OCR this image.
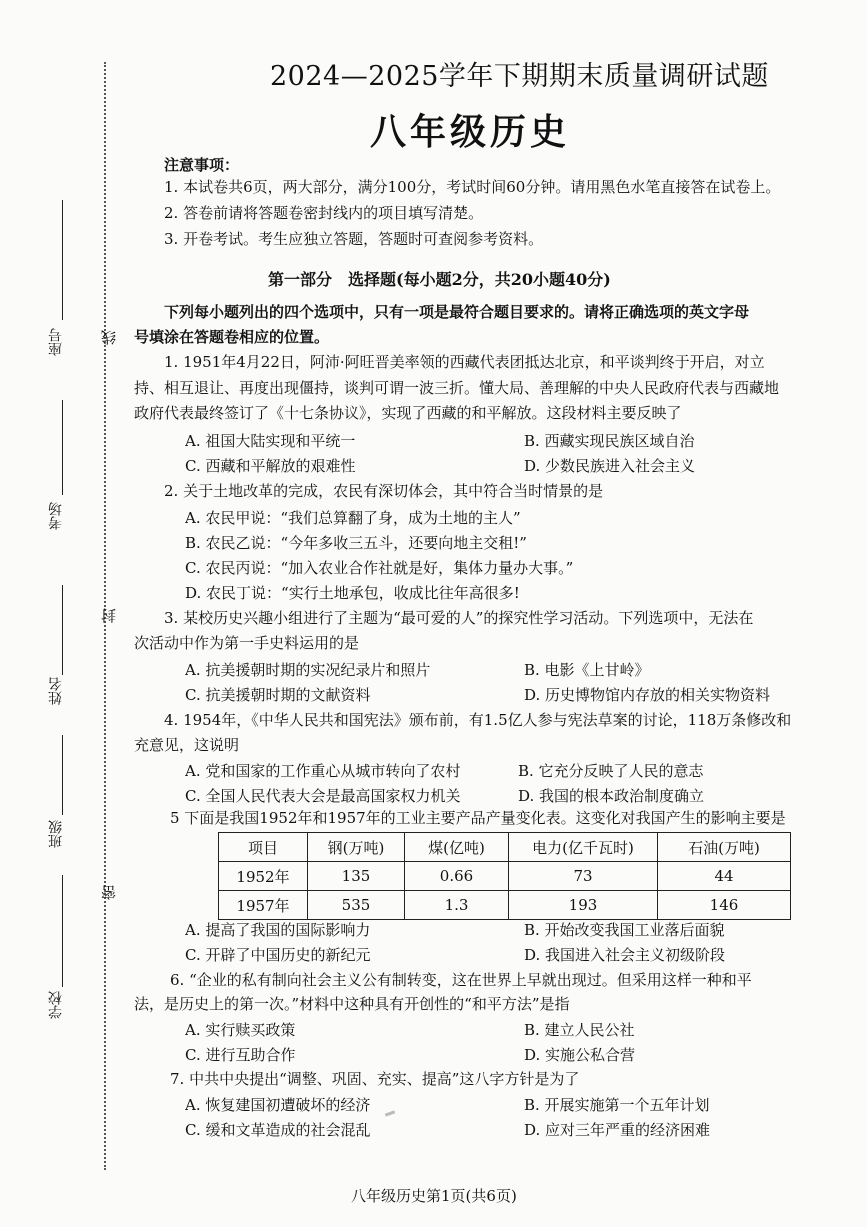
线
封
密
座号
考场
姓名
班级
学校
2024—2025学年下期期末质量调研试题
八年级历史
注意事项：
1. 本试卷共6页，两大部分，满分100分，考试时间60分钟。请用黑色水笔直接答在试卷上。
2. 答卷前请将答题卷密封线内的项目填写清楚。
3. 开卷考试。考生应独立答题，答题时可查阅参考资料。
第一部分　选择题(每小题2分，共20小题40分)
下列每小题列出的四个选项中，只有一项是最符合题目要求的。请将正确选项的英文字母
号填涂在答题卷相应的位置。
1. 1951年4月22日，阿沛·阿旺晋美率领的西藏代表团抵达北京，和平谈判终于开启，对立
持、相互退让、再度出现僵持，谈判可谓一波三折。懂大局、善理解的中央人民政府代表与西藏地
政府代表最终签订了《十七条协议》，实现了西藏的和平解放。这段材料主要反映了
A. 祖国大陆实现和平统一	B. 西藏实现民族区域自治
C. 西藏和平解放的艰难性	D. 少数民族进入社会主义
2. 关于土地改革的完成，农民有深切体会，其中符合当时情景的是
A. 农民甲说：“我们总算翻了身，成为土地的主人”
B. 农民乙说：“今年多收三五斗，还要向地主交租!”
C. 农民丙说：“加入农业合作社就是好，集体力量办大事。”
D. 农民丁说：“实行土地承包，收成比往年高很多!
3. 某校历史兴趣小组进行了主题为“最可爱的人”的探究性学习活动。下列选项中，无法在
次活动中作为第一手史料运用的是
A. 抗美援朝时期的实况纪录片和照片	B. 电影《上甘岭》
C. 抗美援朝时期的文献资料	D. 历史博物馆内存放的相关实物资料
4. 1954年，《中华人民共和国宪法》颁布前，有1.5亿人参与宪法草案的讨论，118万条修改和
充意见，这说明
A. 党和国家的工作重心从城市转向了农村	B. 它充分反映了人民的意志
C. 全国人民代表大会是最高国家权力机关	D. 我国的根本政治制度确立
5 下面是我国1952年和1957年的工业主要产品产量变化表。这变化对我国产生的影响主要是
项目	钢(万吨)	煤(亿吨)	电力(亿千瓦时)	石油(万吨)
1952年	135	0.66	73	44
1957年	535	1.3	193	146
A. 提高了我国的国际影响力	B. 开始改变我国工业落后面貌
C. 开辟了中国历史的新纪元	D. 我国进入社会主义初级阶段
6. “企业的私有制向社会主义公有制转变，这在世界上早就出现过。但采用这样一种和平
法，是历史上的第一次。”材料中这种具有开创性的“和平方法”是指
A. 实行赎买政策	B. 建立人民公社
C. 进行互助合作	D. 实施公私合营
7. 中共中央提出“调整、巩固、充实、提高”这八字方针是为了
A. 恢复建国初遭破坏的经济	B. 开展实施第一个五年计划
C. 缓和文革造成的社会混乱	D. 应对三年严重的经济困难
八年级历史第1页(共6页)
